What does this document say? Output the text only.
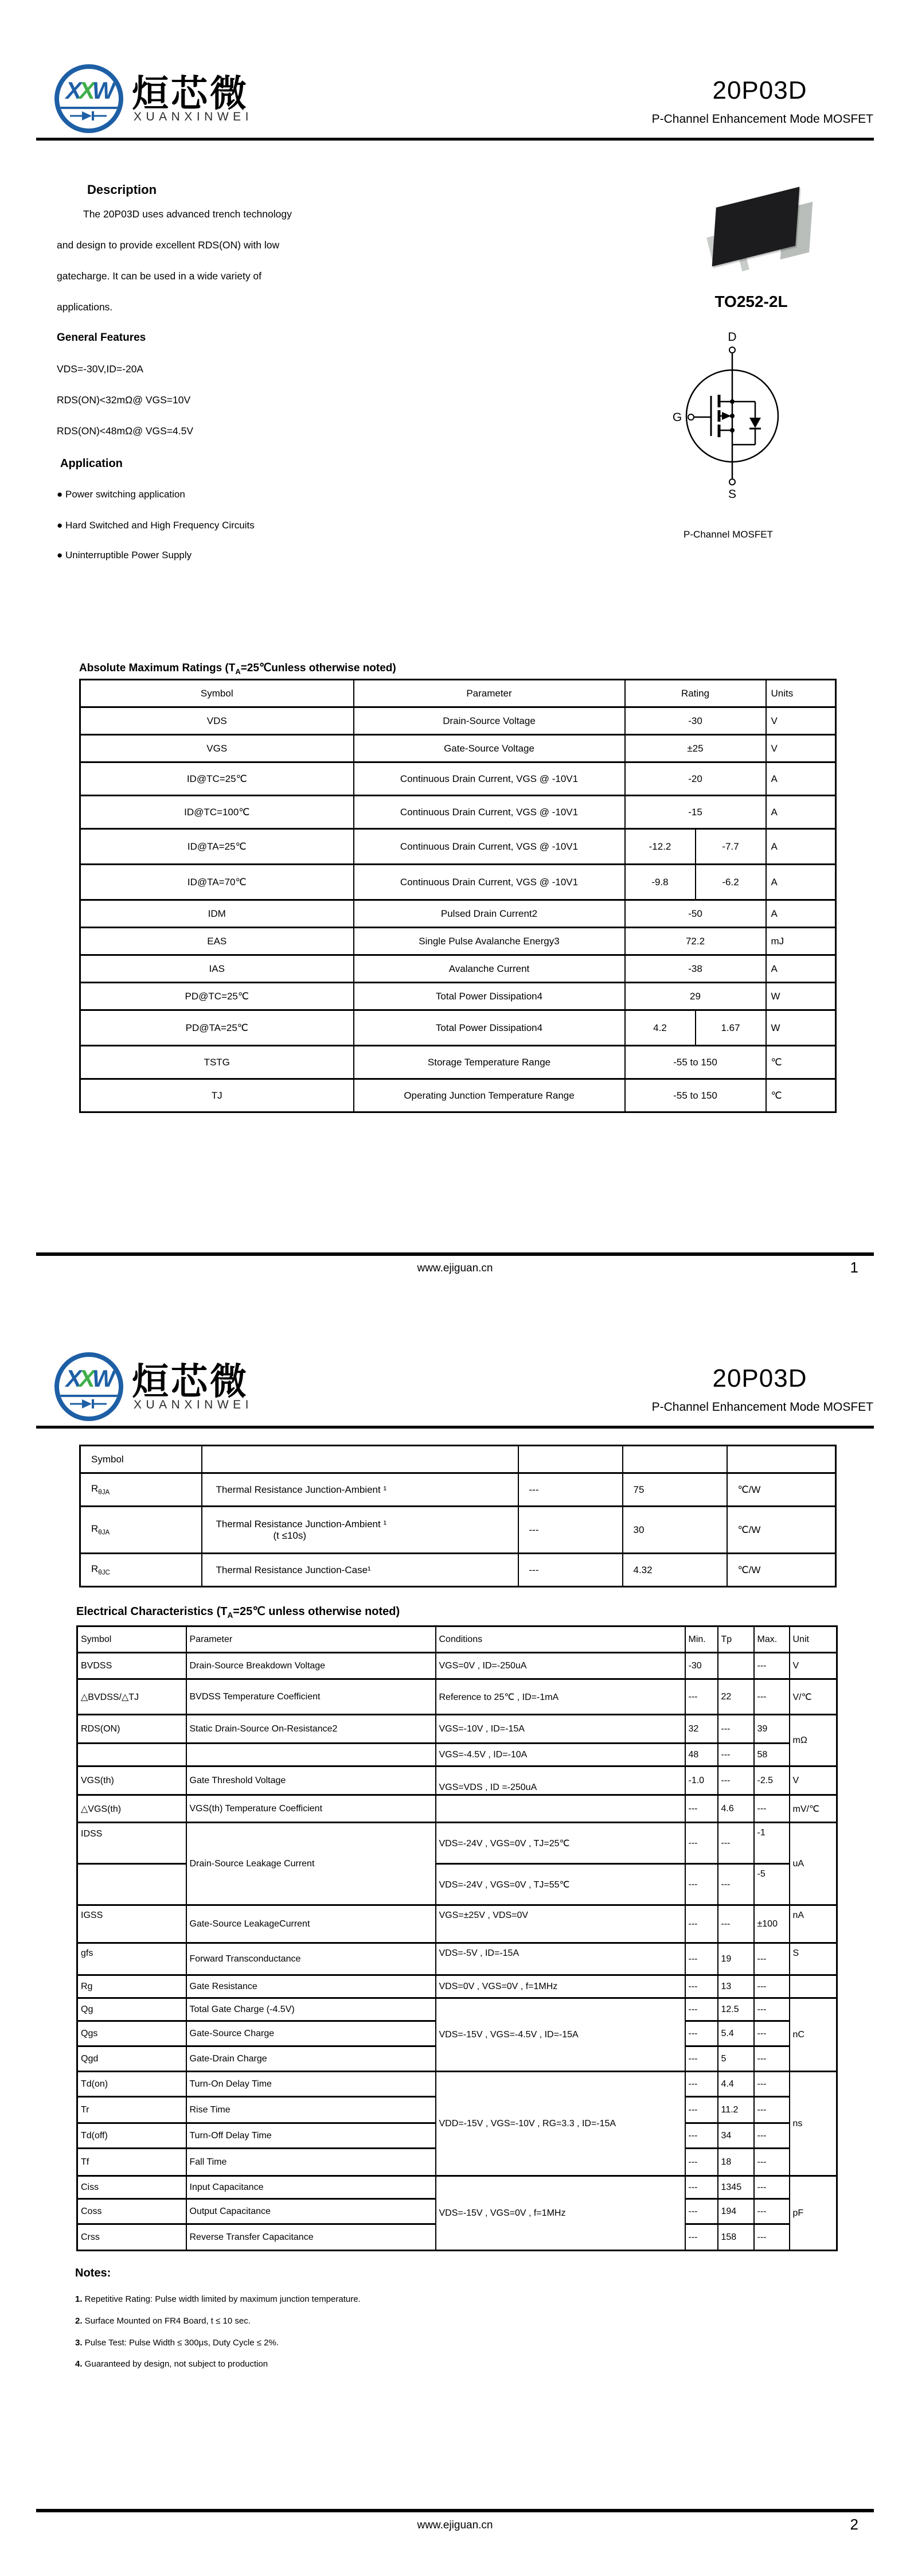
XXW 烜芯微
XUANXINWEI
20P03D
P-Channel Enhancement Mode MOSFET
Description
The 20P03D uses advanced trench technology
and design to provide excellent RDS(ON) with low
gatecharge. It can be used in a wide variety of
applications.
General Features
VDS=-30V,ID=-20A
RDS(ON)<32mΩ@ VGS=10V
RDS(ON)<48mΩ@ VGS=4.5V
Application
● Power switching application
● Hard Switched and High Frequency Circuits
● Uninterruptible Power Supply
TO252-2L
D
S
G
P-Channel MOSFET
Absolute Maximum Ratings ($T_A=25℃unless$ otherwise noted)
Symbol	Parameter	Rating		Units
VDS	Drain-Source Voltage	-30		V
VGS	Gate-Source Voltage	±25		V
ID@TC=25℃	Continuous Drain Current, VGS @ -10V1	-20		A
ID@TC=100℃	Continuous Drain Current, VGS @ -10V1	-15		A
ID@TA=25℃	Continuous Drain Current, VGS @ -10V1	-12.2	-7.7	A
ID@TA=70℃	Continuous Drain Current, VGS @ -10V1	-9.8	-6.2	A
IDM	Pulsed Drain Current2	-50		A
EAS	Single Pulse Avalanche Energy3	72.2		mJ
IAS	Avalanche Current	-38		A
PD@TC=25℃	Total Power Dissipation4	29		W
PD@TA=25℃	Total Power Dissipation4	4.2	1.67	W
TSTG	Storage Temperature Range	-55 to 150		℃
TJ	Operating Junction Temperature Range	-55 to 150		℃
www.ejiguan.cn	1
XXW 烜芯微
XUANXINWEI
20P03D
P-Channel Enhancement Mode MOSFET
Symbol				
$R_{\theta JA}$	Thermal Resistance Junction-Ambient ¹	---	75	℃/W
$R_{\theta JA}$	Thermal Resistance Junction-Ambient ¹
(t ≤10s)	---	30	℃/W
$R_{\theta JC}$	Thermal Resistance Junction-Case¹	---	4.32	℃/W
Electrical Characteristics ($T_A=25℃$ unless otherwise noted)
Symbol	Parameter	Conditions	Min.	Tp	Max.	Unit
BVDSS	Drain-Source Breakdown Voltage	VGS=0V , ID=-250uA	-30		---	V
△BVDSS/△TJ	BVDSS Temperature Coefficient	Reference to 25℃ , ID=-1mA	---	22	---	V/℃
RDS(ON)	Static Drain-Source On-Resistance2	VGS=-10V , ID=-15A	32	---	39	mΩ
		VGS=-4.5V , ID=-10A	48	---	58	
VGS(th)	Gate Threshold Voltage	VGS=VDS , ID =-250uA	-1.0	---	-2.5	V
△VGS(th)	VGS(th) Temperature Coefficient		---	4.6	---	mV/℃
IDSS	Drain-Source Leakage Current	VDS=-24V , VGS=0V , TJ=25℃	---	---	-1	uA
		VDS=-24V , VGS=0V , TJ=55℃	---	---	-5	
IGSS	Gate-Source LeakageCurrent	VGS=±25V , VDS=0V	---	---	±100	nA
gfs	Forward Transconductance	VDS=-5V , ID=-15A	---	19	---	S
Rg	Gate Resistance	VDS=0V , VGS=0V , f=1MHz	---	13	---	
Qg	Total Gate Charge (-4.5V)	VDS=-15V , VGS=-4.5V , ID=-15A	---	12.5	---	nC
Qgs	Gate-Source Charge		---	5.4	---	
Qgd	Gate-Drain Charge		---	5	---	
Td(on)	Turn-On Delay Time	VDD=-15V , VGS=-10V , RG=3.3 , ID=-15A	---	4.4	---	ns
Tr	Rise Time		---	11.2	---	
Td(off)	Turn-Off Delay Time		---	34	---	
Tf	Fall Time		---	18	---	
Ciss	Input Capacitance	VDS=-15V , VGS=0V , f=1MHz	---	1345	---	pF
Coss	Output Capacitance		---	194	---	
Crss	Reverse Transfer Capacitance		---	158	---	
Notes:
1. Repetitive Rating: Pulse width limited by maximum junction temperature.
2. Surface Mounted on FR4 Board, t ≤ 10 sec.
3. Pulse Test: Pulse Width ≤ 300μs, Duty Cycle ≤ 2%.
4. Guaranteed by design, not subject to production
www.ejiguan.cn	2
